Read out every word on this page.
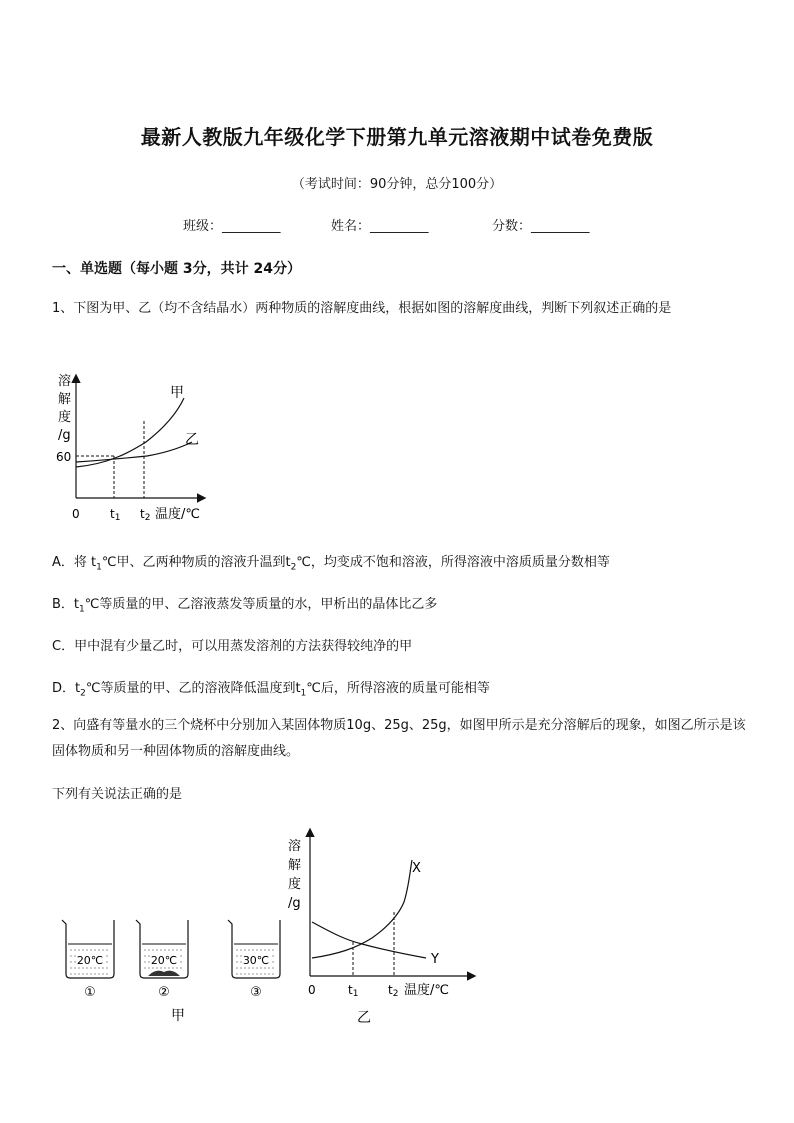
最新人教版九年级化学下册第九单元溶液期中试卷免费版
（考试时间：90分钟，总分100分）
班级：_________	姓名：_________	分数：_________
一、单选题（每小题 3分，共计 24分）
1、下图为甲、乙（均不含结晶水）两种物质的溶解度曲线，根据如图的溶解度曲线，判断下列叙述正确的是
溶
解
度
/g
60
0	t1 t2 温度/℃
甲
乙
A．将 $t_1℃$甲、乙两种物质的溶液升温到$t_2℃$，均变成不饱和溶液，所得溶液中溶质质量分数相等
B．$t_1℃$等质量的甲、乙溶液蒸发等质量的水，甲析出的晶体比乙多
C．甲中混有少量乙时，可以用蒸发溶剂的方法获得较纯净的甲
D．$t_2℃$等质量的甲、乙的溶液降低温度到$t_1℃$后，所得溶液的质量可能相等
2、向盛有等量水的三个烧杯中分别加入某固体物质10g、25g、25g，如图甲所示是充分溶解后的现象，如图乙所示是该固体物质和另一种固体物质的溶解度曲线。
下列有关说法正确的是
20℃
①
20℃
②
30℃
③
甲
溶
解
度
/g
0	t1 t2 温度/℃
X
Y
乙
